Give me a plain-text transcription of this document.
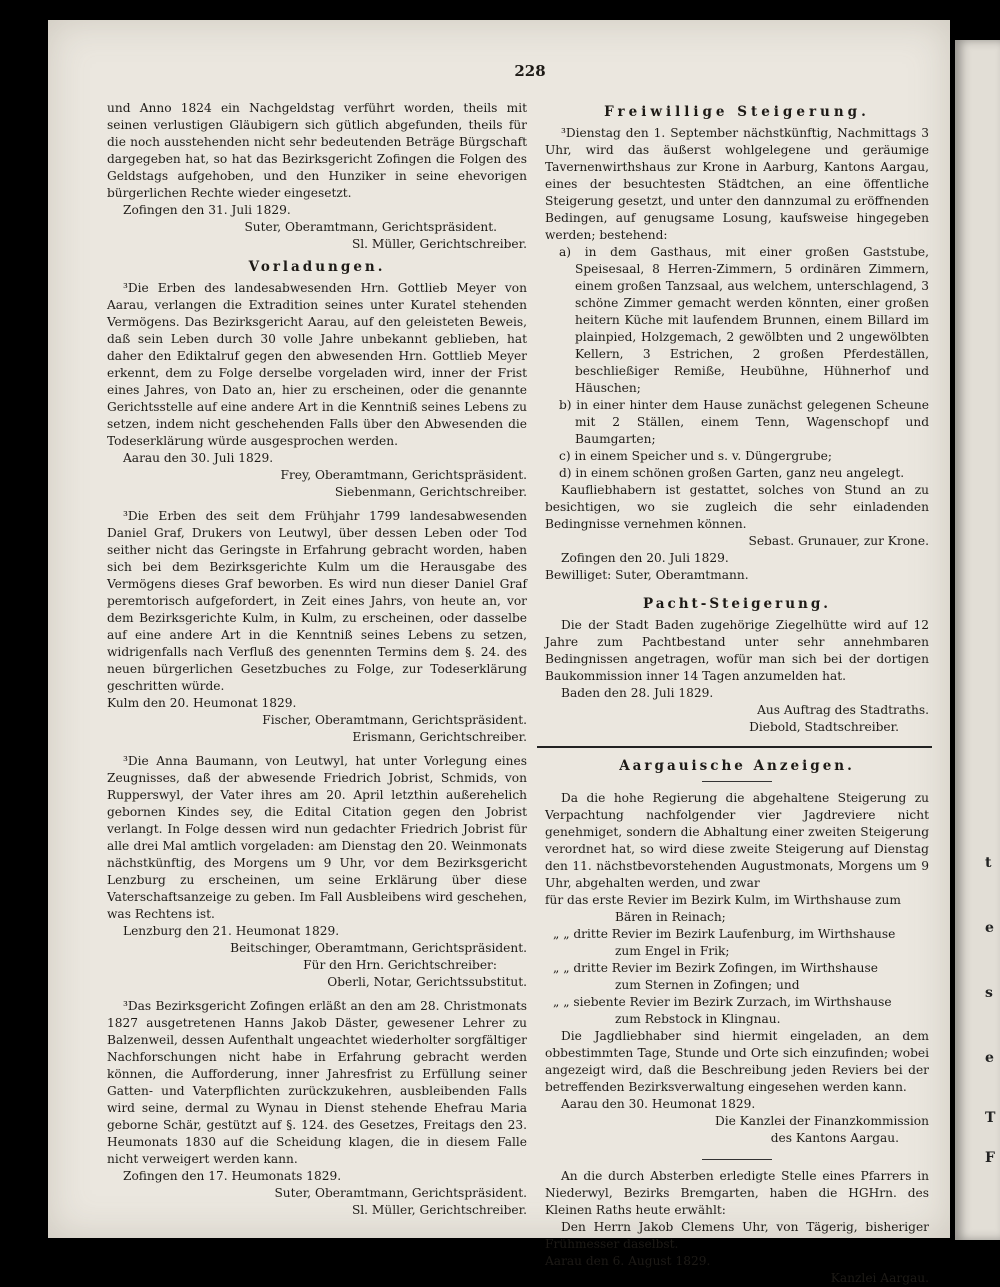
t
e
s
e
T
F
228

und Anno 1824 ein Nachgeldstag verführt worden, theils mit seinen verlustigen Gläubigern sich gütlich abgefunden, theils für die noch ausstehenden nicht sehr bedeutenden Beträge Bürgschaft dargegeben hat, so hat das Bezirksgericht Zofingen die Folgen des Geldstags aufgehoben, und den Hunziker in seine ehevorigen bürgerlichen Rechte wieder eingesetzt.

Zofingen den 31. Juli 1829.

Suter, Oberamtmann, Gerichtspräsident.

Sl. Müller, Gerichtschreiber.

Vorladungen.

³Die Erben des landesabwesenden Hrn. Gottlieb Meyer von Aarau, verlangen die Extradition seines unter Kuratel stehenden Vermögens. Das Bezirksgericht Aarau, auf den geleisteten Beweis, daß sein Leben durch 30 volle Jahre unbekannt geblieben, hat daher den Ediktalruf gegen den abwesenden Hrn. Gottlieb Meyer erkennt, dem zu Folge derselbe vorgeladen wird, inner der Frist eines Jahres, von Dato an, hier zu erscheinen, oder die genannte Gerichtsstelle auf eine andere Art in die Kenntniß seines Lebens zu setzen, indem nicht geschehenden Falls über den Abwesenden die Todeserklärung würde ausgesprochen werden.

Aarau den 30. Juli 1829.

Frey, Oberamtmann, Gerichtspräsident.

Siebenmann, Gerichtschreiber.

³Die Erben des seit dem Frühjahr 1799 landesabwesenden Daniel Graf, Drukers von Leutwyl, über dessen Leben oder Tod seither nicht das Geringste in Erfahrung gebracht worden, haben sich bei dem Bezirksgerichte Kulm um die Herausgabe des Vermögens dieses Graf beworben. Es wird nun dieser Daniel Graf peremtorisch aufgefordert, in Zeit eines Jahrs, von heute an, vor dem Bezirksgerichte Kulm, in Kulm, zu erscheinen, oder dasselbe auf eine andere Art in die Kenntniß seines Lebens zu setzen, widrigenfalls nach Verfluß des genennten Termins dem §. 24. des neuen bürgerlichen Gesetzbuches zu Folge, zur Todeserklärung geschritten würde.

Kulm den 20. Heumonat 1829.

Fischer, Oberamtmann, Gerichtspräsident.

Erismann, Gerichtschreiber.

³Die Anna Baumann, von Leutwyl, hat unter Vorlegung eines Zeugnisses, daß der abwesende Friedrich Jobrist, Schmids, von Rupperswyl, der Vater ihres am 20. April letzthin außerehelich gebornen Kindes sey, die Edital Citation gegen den Jobrist verlangt. In Folge dessen wird nun gedachter Friedrich Jobrist für alle drei Mal amtlich vorgeladen: am Dienstag den 20. Weinmonats nächstkünftig, des Morgens um 9 Uhr, vor dem Bezirksgericht Lenzburg zu erscheinen, um seine Erklärung über diese Vaterschaftsanzeige zu geben. Im Fall Ausbleibens wird geschehen, was Rechtens ist.

Lenzburg den 21. Heumonat 1829.

Beitschinger, Oberamtmann, Gerichtspräsident.

Für den Hrn. Gerichtschreiber:

Oberli, Notar, Gerichtssubstitut.

³Das Bezirksgericht Zofingen erläßt an den am 28. Christmonats 1827 ausgetretenen Hanns Jakob Däster, gewesener Lehrer zu Balzenweil, dessen Aufenthalt ungeachtet wiederholter sorgfältiger Nachforschungen nicht habe in Erfahrung gebracht werden können, die Aufforderung, inner Jahresfrist zu Erfüllung seiner Gatten- und Vaterpflichten zurückzukehren, ausbleibenden Falls wird seine, dermal zu Wynau in Dienst stehende Ehefrau Maria geborne Schär, gestützt auf §. 124. des Gesetzes, Freitags den 23. Heumonats 1830 auf die Scheidung klagen, die in diesem Falle nicht verweigert werden kann.

Zofingen den 17. Heumonats 1829.

Suter, Oberamtmann, Gerichtspräsident.

Sl. Müller, Gerichtschreiber.

Freiwillige Steigerung.

³Dienstag den 1. September nächstkünftig, Nachmittags 3 Uhr, wird das äußerst wohlgelegene und geräumige Tavernenwirthshaus zur Krone in Aarburg, Kantons Aargau, eines der besuchtesten Städtchen, an eine öffentliche Steigerung gesetzt, und unter den dannzumal zu eröffnenden Bedingen, auf genugsame Losung, kaufsweise hingegeben werden; bestehend:

a) in dem Gasthaus, mit einer großen Gaststube, Speisesaal, 8 Herren-Zimmern, 5 ordinären Zimmern, einem großen Tanzsaal, aus welchem, unterschlagend, 3 schöne Zimmer gemacht werden könnten, einer großen heitern Küche mit laufendem Brunnen, einem Billard im plainpied, Holzgemach, 2 gewölbten und 2 ungewölbten Kellern, 3 Estrichen, 2 großen Pferdeställen, beschließiger Remiße, Heubühne, Hühnerhof und Häuschen;

b) in einer hinter dem Hause zunächst gelegenen Scheune mit 2 Ställen, einem Tenn, Wagenschopf und Baumgarten;

c) in einem Speicher und s. v. Düngergrube;

d) in einem schönen großen Garten, ganz neu angelegt.

Kaufliebhabern ist gestattet, solches von Stund an zu besichtigen, wo sie zugleich die sehr einladenden Bedingnisse vernehmen können.

Sebast. Grunauer, zur Krone.

Zofingen den 20. Juli 1829.

Bewilliget: Suter, Oberamtmann.

Pacht-Steigerung.

Die der Stadt Baden zugehörige Ziegelhütte wird auf 12 Jahre zum Pachtbestand unter sehr annehmbaren Bedingnissen angetragen, wofür man sich bei der dortigen Baukommission inner 14 Tagen anzumelden hat.

Baden den 28. Juli 1829.

Aus Auftrag des Stadtraths.

Diebold, Stadtschreiber.

Aargauische Anzeigen.

Da die hohe Regierung die abgehaltene Steigerung zu Verpachtung nachfolgender vier Jagdreviere nicht genehmiget, sondern die Abhaltung einer zweiten Steigerung verordnet hat, so wird diese zweite Steigerung auf Dienstag den 11. nächstbevorstehenden Augustmonats, Morgens um 9 Uhr, abgehalten werden, und zwar

für das erste Revier im Bezirk Kulm, im Wirthshause zum

Bären in Reinach;

„ „ dritte Revier im Bezirk Laufenburg, im Wirthshause

zum Engel in Frik;

„ „ dritte Revier im Bezirk Zofingen, im Wirthshause

zum Sternen in Zofingen; und

„ „ siebente Revier im Bezirk Zurzach, im Wirthshause

zum Rebstock in Klingnau.

Die Jagdliebhaber sind hiermit eingeladen, an dem obbestimmten Tage, Stunde und Orte sich einzufinden; wobei angezeigt wird, daß die Beschreibung jeden Reviers bei der betreffenden Bezirksverwaltung eingesehen werden kann.

Aarau den 30. Heumonat 1829.

Die Kanzlei der Finanzkommission

des Kantons Aargau.

An die durch Absterben erledigte Stelle eines Pfarrers in Niederwyl, Bezirks Bremgarten, haben die HGHrn. des Kleinen Raths heute erwählt:

Den Herrn Jakob Clemens Uhr, von Tägerig, bisheriger Frühmesser daselbst.

Aarau den 6. August 1829.

Kanzlei Aargau.
